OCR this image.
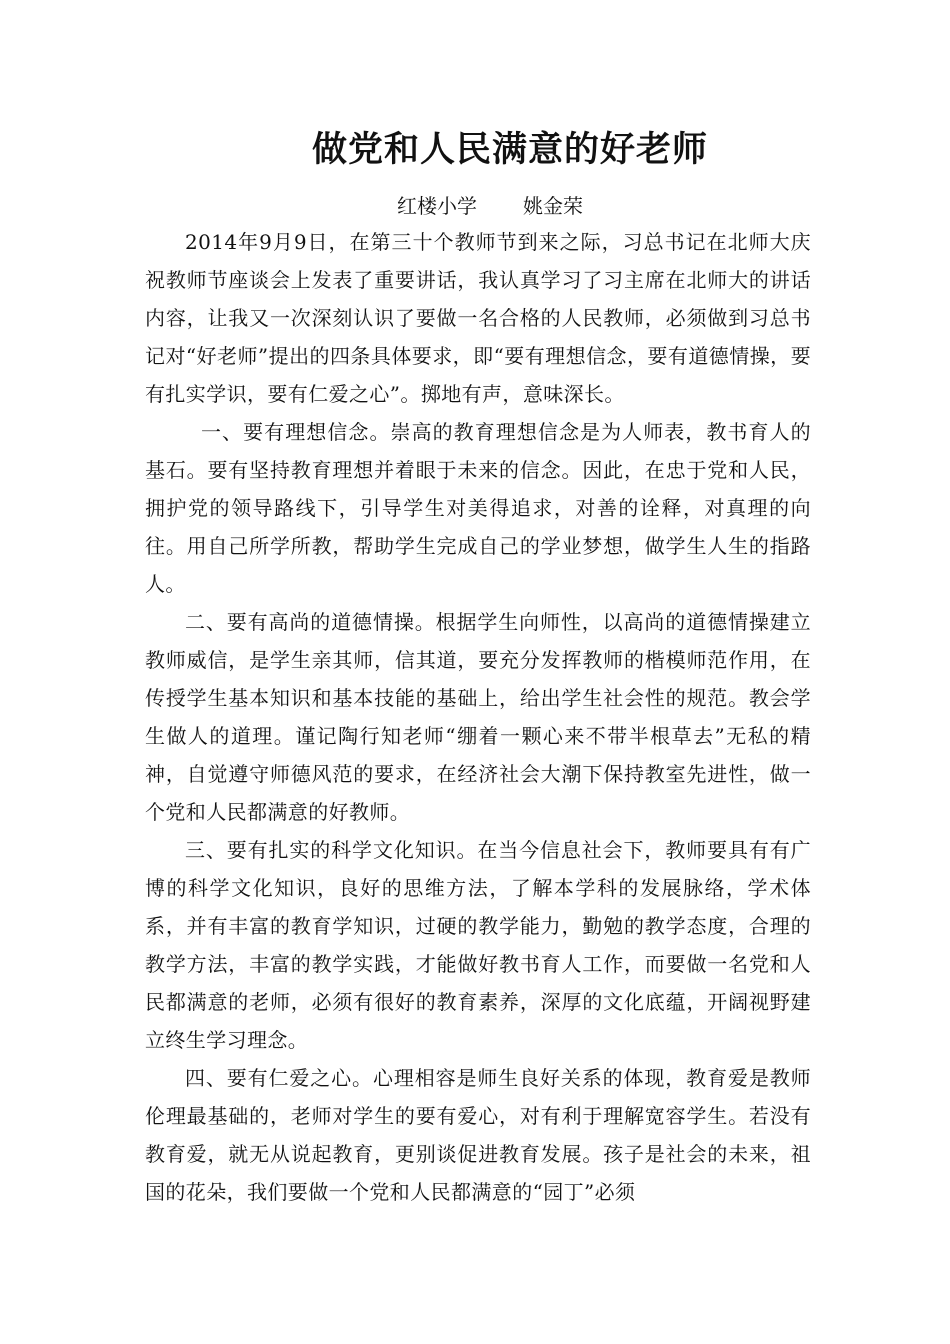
做党和人民满意的好老师
红楼小学 姚金荣

2014年9月9日，在第三十个教师节到来之际，习总书记在北师大庆祝教师节座谈会上发表了重要讲话，我认真学习了习主席在北师大的讲话内容，让我又一次深刻认识了要做一名合格的人民教师，必须做到习总书记对“好老师”提出的四条具体要求，即“要有理想信念，要有道德情操，要有扎实学识，要有仁爱之心”。掷地有声，意味深长。

一、要有理想信念。崇高的教育理想信念是为人师表，教书育人的基石。要有坚持教育理想并着眼于未来的信念。因此，在忠于党和人民，拥护党的领导路线下，引导学生对美得追求，对善的诠释，对真理的向往。用自己所学所教，帮助学生完成自己的学业梦想，做学生人生的指路人。

二、要有高尚的道德情操。根据学生向师性，以高尚的道德情操建立教师威信，是学生亲其师，信其道，要充分发挥教师的楷模师范作用，在传授学生基本知识和基本技能的基础上，给出学生社会性的规范。教会学生做人的道理。谨记陶行知老师“绷着一颗心来不带半根草去”无私的精神，自觉遵守师德风范的要求，在经济社会大潮下保持教室先进性，做一个党和人民都满意的好教师。

三、要有扎实的科学文化知识。在当今信息社会下，教师要具有有广博的科学文化知识，良好的思维方法，了解本学科的发展脉络，学术体系，并有丰富的教育学知识，过硬的教学能力，勤勉的教学态度，合理的教学方法，丰富的教学实践，才能做好教书育人工作，而要做一名党和人民都满意的老师，必须有很好的教育素养，深厚的文化底蕴，开阔视野建立终生学习理念。

四、要有仁爱之心。心理相容是师生良好关系的体现，教育爱是教师伦理最基础的，老师对学生的要有爱心，对有利于理解宽容学生。若没有教育爱，就无从说起教育，更别谈促进教育发展。孩子是社会的未来，祖国的花朵，我们要做一个党和人民都满意的“园丁”必须
